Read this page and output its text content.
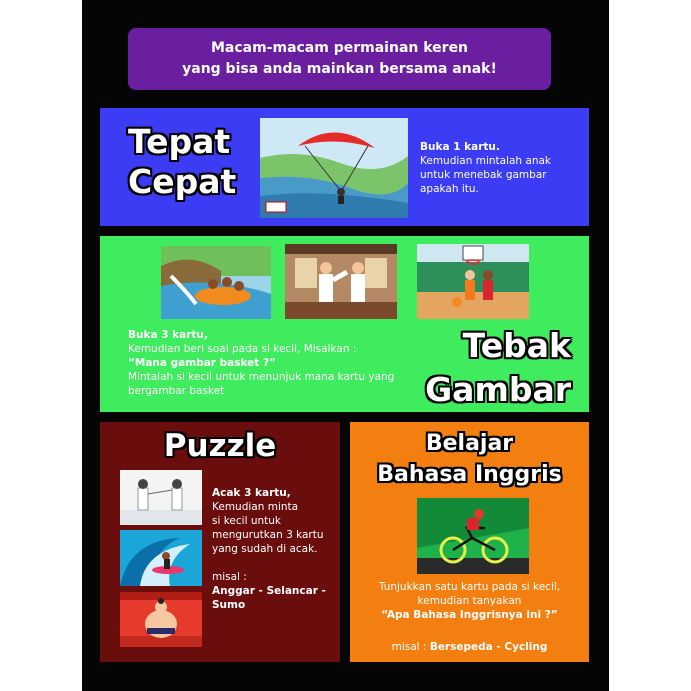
Macam-macam permainan keren
yang bisa anda mainkan bersama anak!
Tepat
Cepat
Buka 1 kartu.
Kemudian mintalah anak
untuk menebak gambar
apakah itu.
Buka 3 kartu,
Kemudian beri soal pada si kecil, Misalkan :
“Mana gambar basket ?”
Mintalah si kecil untuk menunjuk mana kartu yang
bergambar basket
Tebak
Gambar
Puzzle
Acak 3 kartu,
Kemudian minta
si kecil untuk
mengurutkan 3 kartu
yang sudah di acak.
misal :
Anggar - Selancar -
Sumo
Belajar
Bahasa Inggris
Tunjukkan satu kartu pada si kecil,
kemudian tanyakan
“Apa Bahasa Inggrisnya ini ?”
misal : Bersepeda - Cycling
